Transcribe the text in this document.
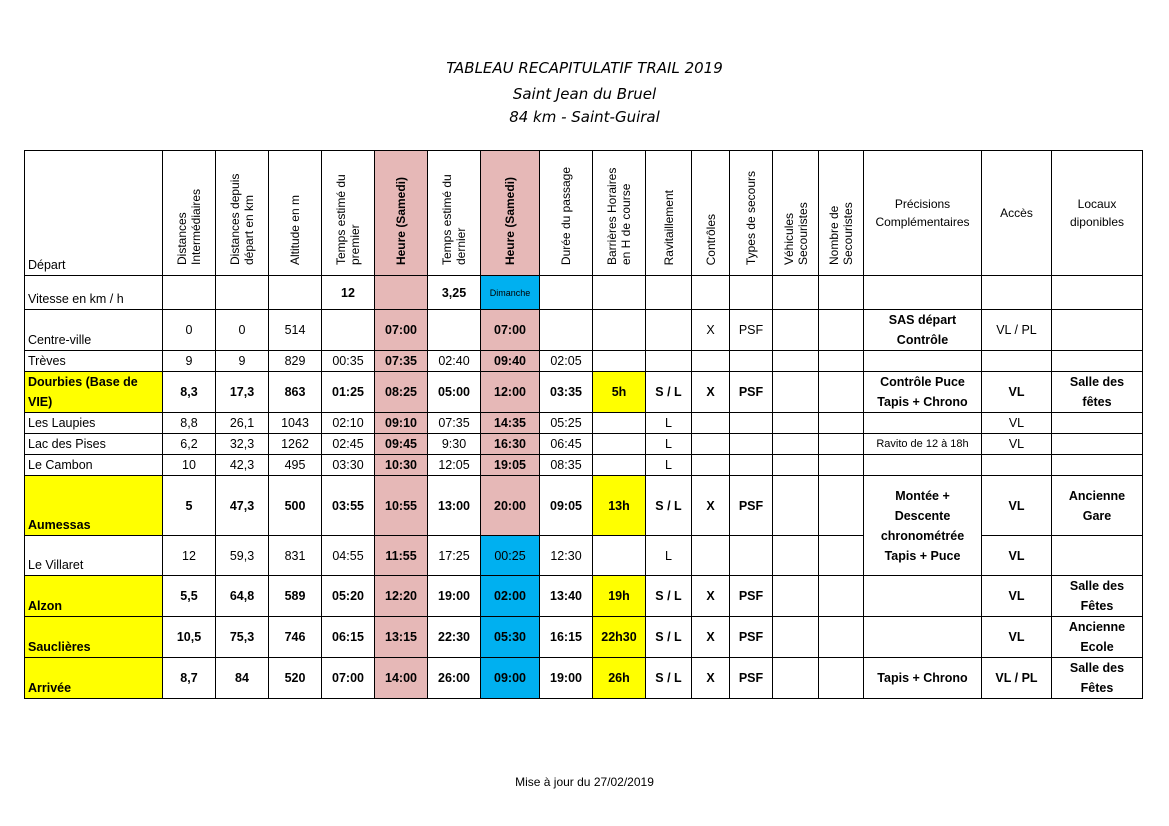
TABLEAU RECAPITULATIF TRAIL 2019
Saint Jean du Bruel
84 km - Saint-Guiral
Départ	Distances Intermédiaires	Distances depuis départ en km	Altitude en m	Temps estimé du premier	Heure (Samedi)	Temps estimé du dernier	Heure (Samedi)	Durée du passage	Barrières Horaires en H de course	Ravitaillement	Contrôles	Types de secours	Véhicules Secouristes	Nombre de Secouristes	Précisions Complémentaires	Accès	Locaux diponibles
Vitesse en km / h				12		3,25	Dimanche										
Centre-ville	0	0	514		07:00		07:00				X	PSF			SAS départ Contrôle	VL / PL	
Trèves	9	9	829	00:35	07:35	02:40	09:40	02:05									
Dourbies (Base de VIE)	8,3	17,3	863	01:25	08:25	05:00	12:00	03:35	5h	S / L	X	PSF			Contrôle Puce Tapis + Chrono	VL	Salle des fêtes
Les Laupies	8,8	26,1	1043	02:10	09:10	07:35	14:35	05:25		L						VL	
Lac des Pises	6,2	32,3	1262	02:45	09:45	9:30	16:30	06:45		L					Ravito de 12 à 18h	VL	
Le Cambon	10	42,3	495	03:30	10:30	12:05	19:05	08:35		L							
Aumessas	5	47,3	500	03:55	10:55	13:00	20:00	09:05	13h	S / L	X	PSF			Montée + Descente chronométrée Tapis + Puce	VL	Ancienne Gare
Le Villaret	12	59,3	831	04:55	11:55	17:25	00:25	12:30		L						VL	
Alzon	5,5	64,8	589	05:20	12:20	19:00	02:00	13:40	19h	S / L	X	PSF				VL	Salle des Fêtes
Sauclières	10,5	75,3	746	06:15	13:15	22:30	05:30	16:15	22h30	S / L	X	PSF				VL	Ancienne Ecole
Arrivée	8,7	84	520	07:00	14:00	26:00	09:00	19:00	26h	S / L	X	PSF			Tapis + Chrono	VL / PL	Salle des Fêtes
Mise à jour du 27/02/2019
